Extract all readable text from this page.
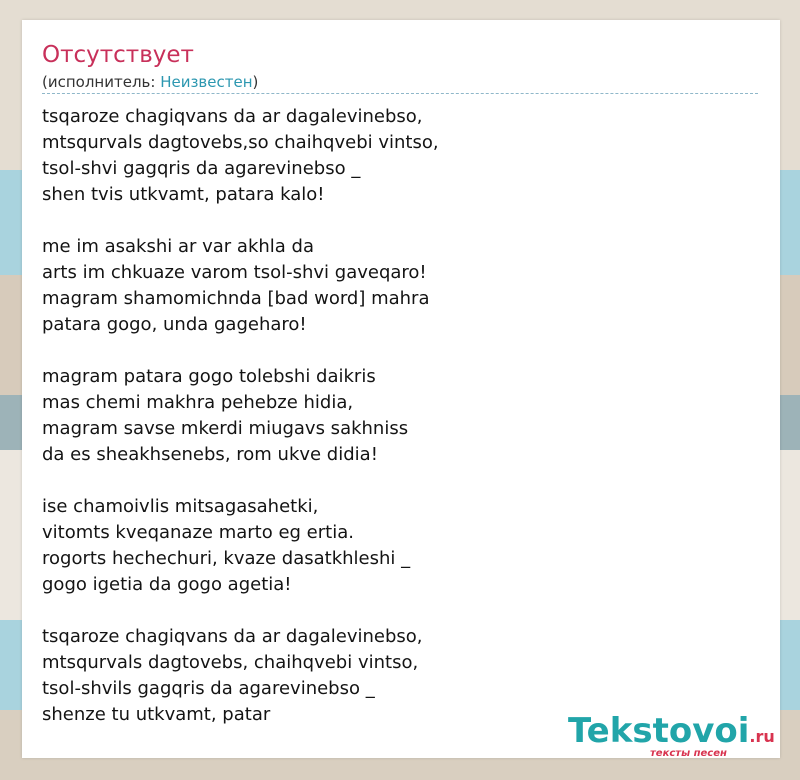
Отсутствует
(исполнитель: Неизвестен)
tsqaroze chagiqvans da ar dagalevinebso,
mtsqurvals dagtovebs,so chaihqvebi vintso,
tsol-shvi gagqris da agarevinebso _
shen tvis utkvamt, patara kalo!

me im asakshi ar var akhla da
arts im chkuaze varom tsol-shvi gaveqaro!
magram shamomichnda [bad word] mahra
patara gogo, unda gageharo!

magram patara gogo tolebshi daikris
mas chemi makhra pehebze hidia,
magram savse mkerdi miugavs sakhniss
da es sheakhsenebs, rom ukve didia!

ise chamoivlis mitsagasahetki,
vitomts kveqanaze marto eg ertia.
rogorts hechechuri, kvaze dasatkhleshi _
gogo igetia da gogo agetia!

tsqaroze chagiqvans da ar dagalevinebso,
mtsqurvals dagtovebs, chaihqvebi vintso,
tsol-shvils gagqris da agarevinebso _
shenze tu utkvamt, patar	Tekstovoi.ru
тексты песен
